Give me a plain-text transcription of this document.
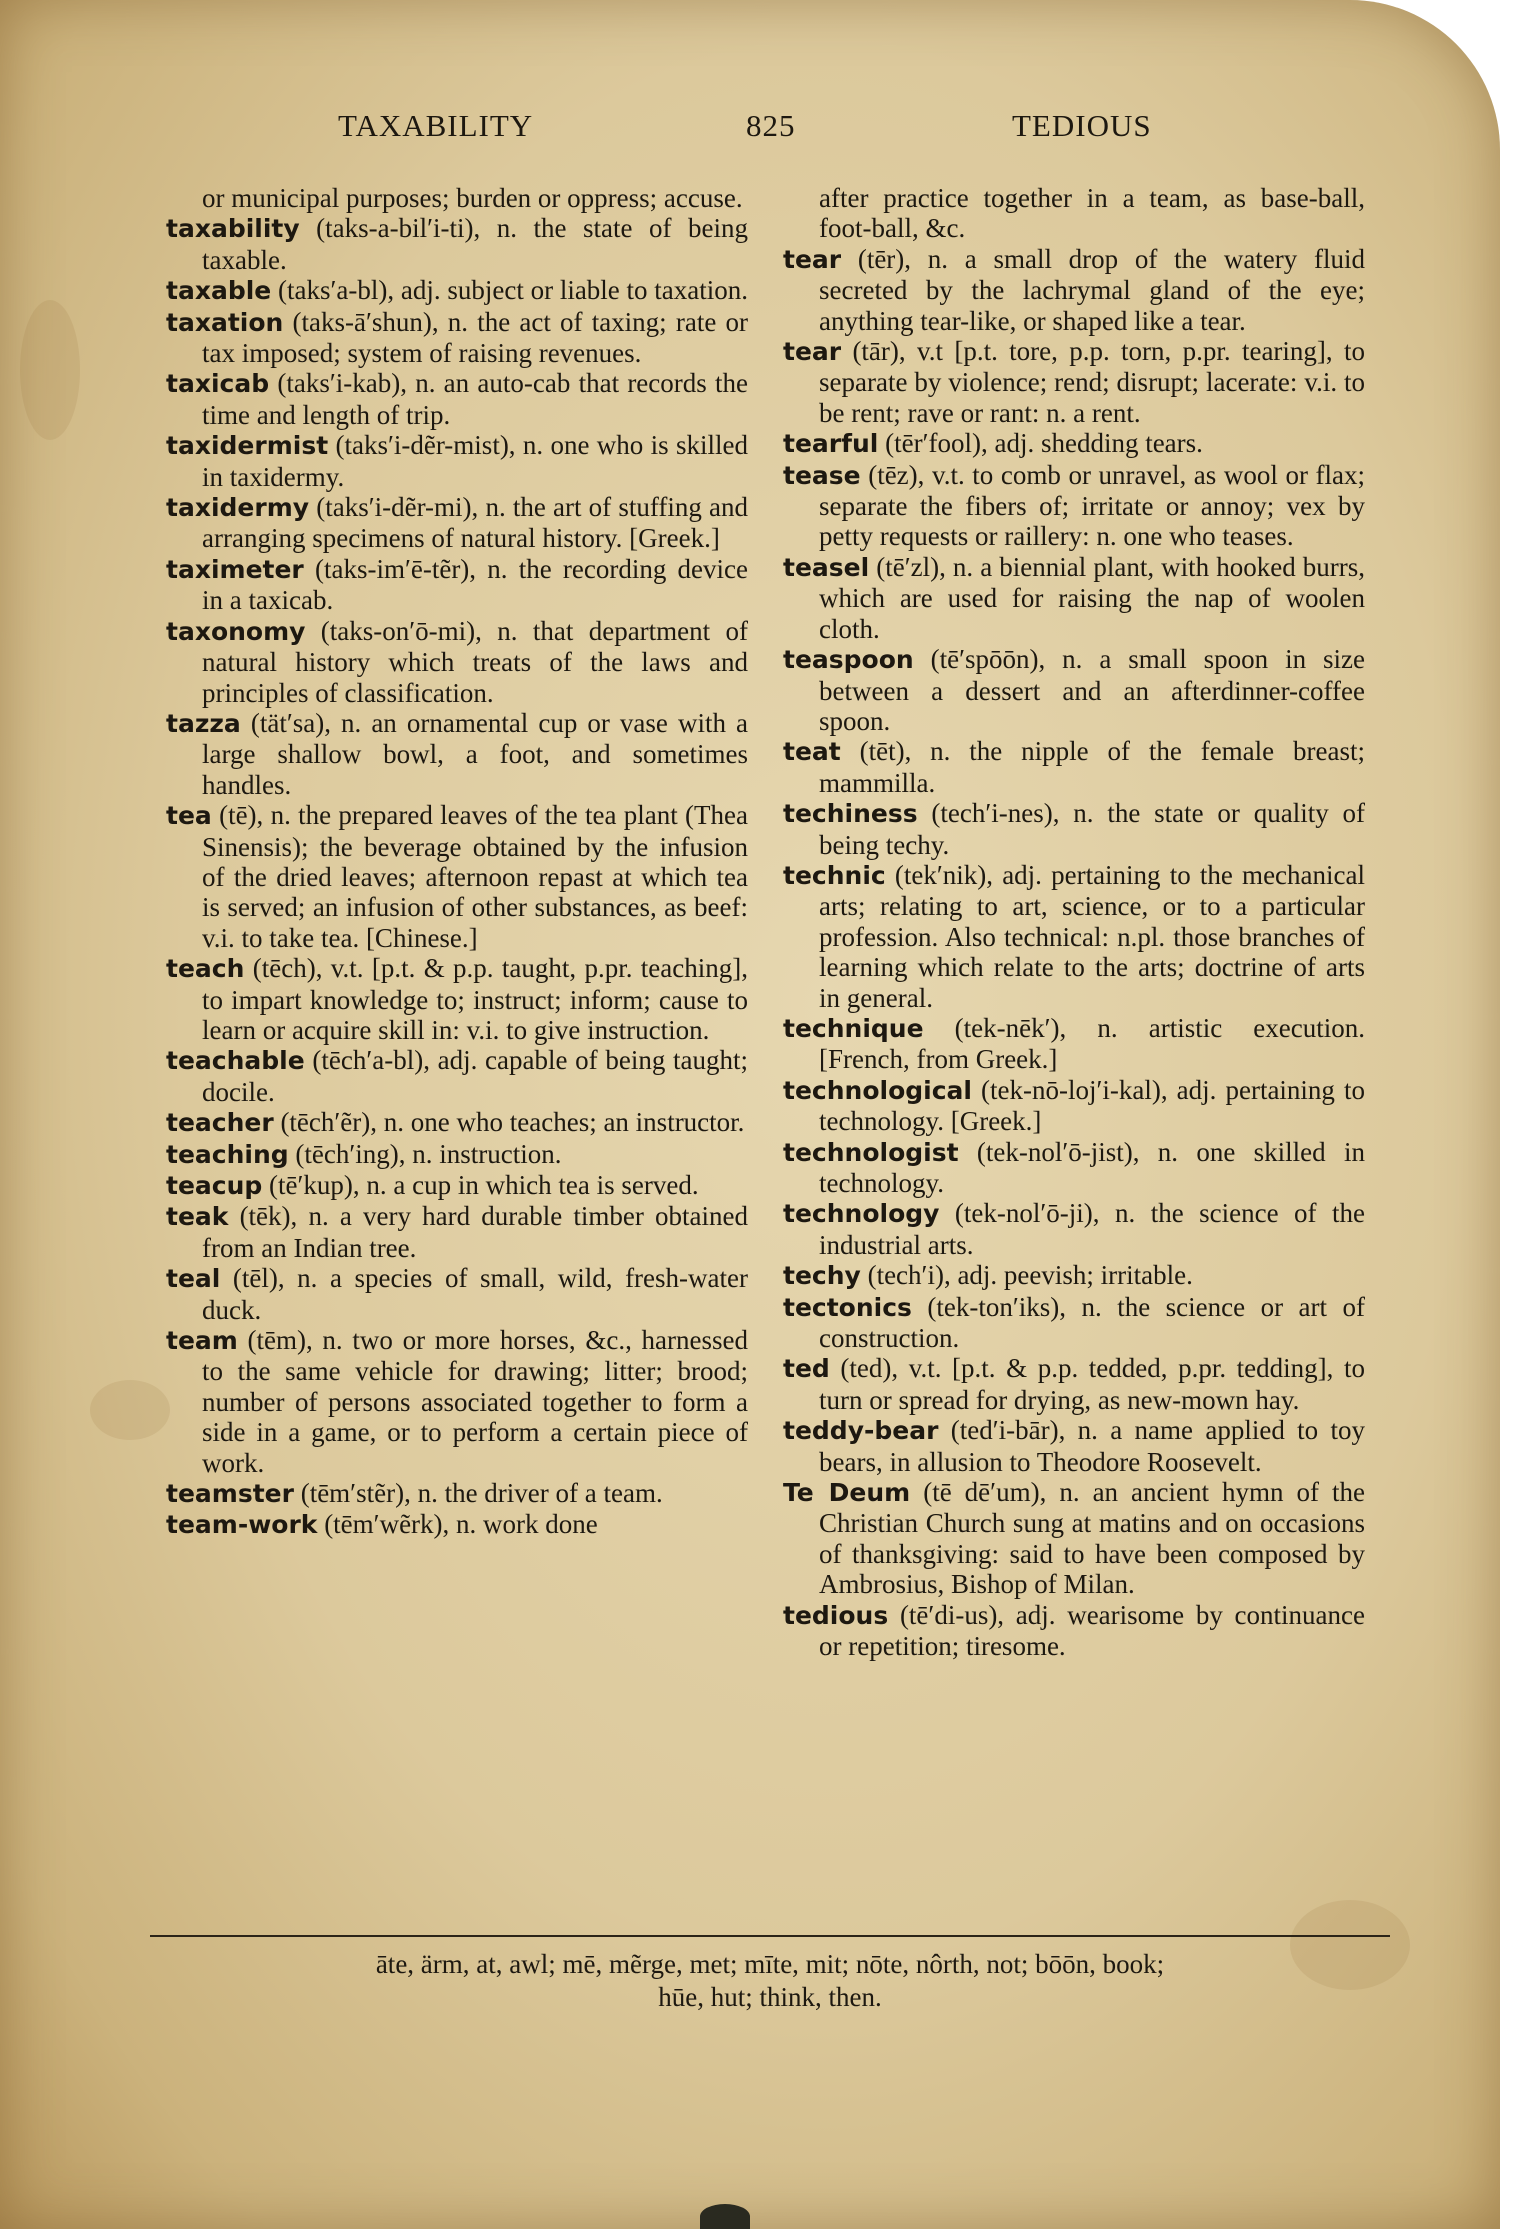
TAXABILITY	825	TEDIOUS

or municipal purposes; burden or oppress; accuse.

taxability (taks-a-bil′i-ti), n. the state of being taxable.

taxable (taks′a-bl), adj. subject or liable to taxation.

taxation (taks-ā′shun), n. the act of taxing; rate or tax imposed; system of raising revenues.

taxicab (taks′i-kab), n. an auto-cab that records the time and length of trip.

taxidermist (taks′i-dẽr-mist), n. one who is skilled in taxidermy.

taxidermy (taks′i-dẽr-mi), n. the art of stuffing and arranging specimens of natural history. [Greek.]

taximeter (taks-im′ē-tẽr), n. the recording device in a taxicab.

taxonomy (taks-on′ō-mi), n. that department of natural history which treats of the laws and principles of classification.

tazza (tät′sa), n. an ornamental cup or vase with a large shallow bowl, a foot, and sometimes handles.

tea (tē), n. the prepared leaves of the tea plant (Thea Sinensis); the beverage obtained by the infusion of the dried leaves; afternoon repast at which tea is served; an infusion of other substances, as beef: v.i. to take tea. [Chinese.]

teach (tēch), v.t. [p.t. & p.p. taught, p.pr. teaching], to impart knowledge to; instruct; inform; cause to learn or acquire skill in: v.i. to give instruction.

teachable (tēch′a-bl), adj. capable of being taught; docile.

teacher (tēch′ẽr), n. one who teaches; an instructor.

teaching (tēch′ing), n. instruction.

teacup (tē′kup), n. a cup in which tea is served.

teak (tēk), n. a very hard durable timber obtained from an Indian tree.

teal (tēl), n. a species of small, wild, fresh-water duck.

team (tēm), n. two or more horses, &c., harnessed to the same vehicle for drawing; litter; brood; number of persons associated together to form a side in a game, or to perform a certain piece of work.

teamster (tēm′stẽr), n. the driver of a team.

team-work (tēm′wẽrk), n. work done

after practice together in a team, as base-ball, foot-ball, &c.

tear (tēr), n. a small drop of the watery fluid secreted by the lachrymal gland of the eye; anything tear-like, or shaped like a tear.

tear (tār), v.t [p.t. tore, p.p. torn, p.pr. tearing], to separate by violence; rend; disrupt; lacerate: v.i. to be rent; rave or rant: n. a rent.

tearful (tēr′fool), adj. shedding tears.

tease (tēz), v.t. to comb or unravel, as wool or flax; separate the fibers of; irritate or annoy; vex by petty requests or raillery: n. one who teases.

teasel (tē′zl), n. a biennial plant, with hooked burrs, which are used for raising the nap of woolen cloth.

teaspoon (tē′spōōn), n. a small spoon in size between a dessert and an afterdinner-coffee spoon.

teat (tēt), n. the nipple of the female breast; mammilla.

techiness (tech′i-nes), n. the state or quality of being techy.

technic (tek′nik), adj. pertaining to the mechanical arts; relating to art, science, or to a particular profession. Also technical: n.pl. those branches of learning which relate to the arts; doctrine of arts in general.

technique (tek-nēk′), n. artistic execution. [French, from Greek.]

technological (tek-nō-loj′i-kal), adj. pertaining to technology. [Greek.]

technologist (tek-nol′ō-jist), n. one skilled in technology.

technology (tek-nol′ō-ji), n. the science of the industrial arts.

techy (tech′i), adj. peevish; irritable.

tectonics (tek-ton′iks), n. the science or art of construction.

ted (ted), v.t. [p.t. & p.p. tedded, p.pr. tedding], to turn or spread for drying, as new-mown hay.

teddy-bear (ted′i-bār), n. a name applied to toy bears, in allusion to Theodore Roosevelt.

Te Deum (tē dē′um), n. an ancient hymn of the Christian Church sung at matins and on occasions of thanksgiving: said to have been composed by Ambrosius, Bishop of Milan.

tedious (tē′di-us), adj. wearisome by continuance or repetition; tiresome.

āte, ärm, at, awl; mē, mẽrge, met; mīte, mit; nōte, nôrth, not; bōōn, book;
hūe, hut; think, then.
